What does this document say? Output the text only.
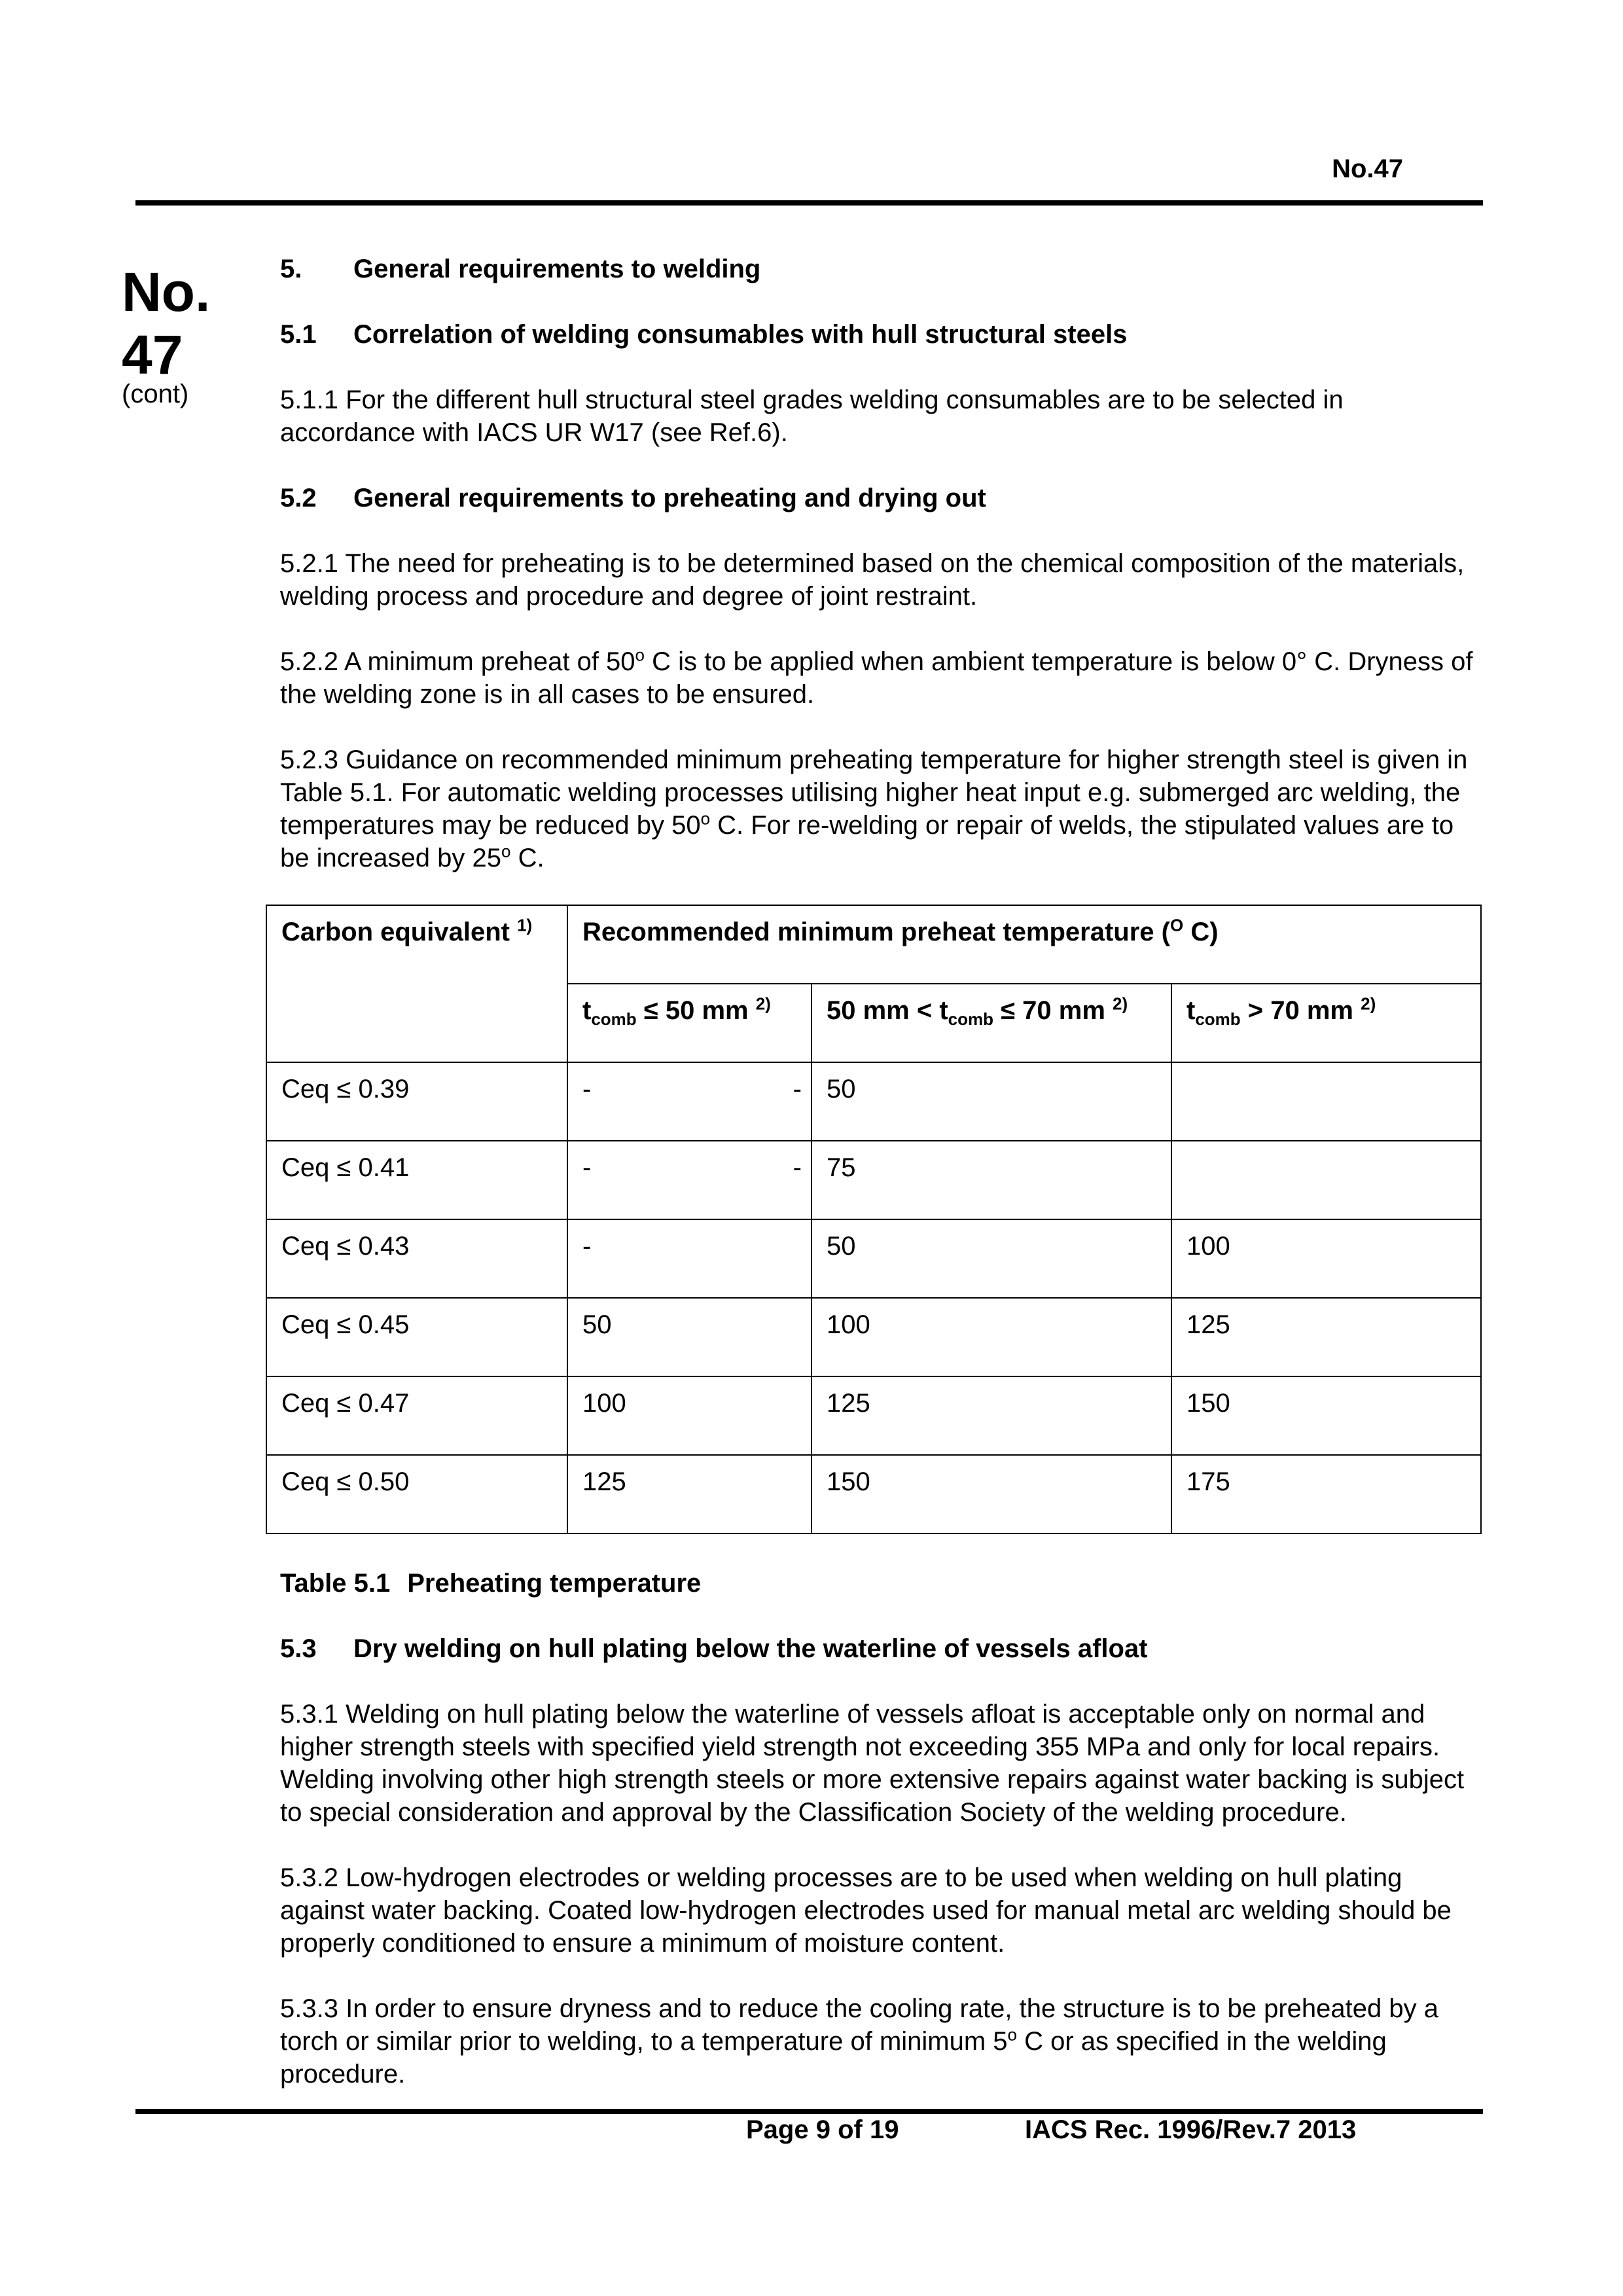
No.47
No.
47
(cont)
5.	General requirements to welding
5.1	Correlation of welding consumables with hull structural steels

5.1.1 For the different hull structural steel grades welding consumables are to be selected in accordance with IACS UR W17 (see Ref.6).

5.2	General requirements to preheating and drying out

5.2.1 The need for preheating is to be determined based on the chemical composition of the materials, welding process and procedure and degree of joint restraint.

5.2.2 A minimum preheat of 50$^o$ C is to be applied when ambient temperature is below 0° C. Dryness of the welding zone is in all cases to be ensured.

5.2.3 Guidance on recommended minimum preheating temperature for higher strength steel is given in Table 5.1. For automatic welding processes utilising higher heat input e.g. submerged arc welding, the temperatures may be reduced by 50$^o$ C. For re-welding or repair of welds, the stipulated values are to be increased by 25$^o$ C.

Carbon equivalent $^{1)}$	Recommended minimum preheat temperature ($^O$ C)		
	$t_{comb} \le 50$ mm $^{2)}$	50 mm < $t_{comb} \le 70$ mm $^{2)}$	$t_{comb} > 70$ mm $^{2)}$
Ceq ≤ 0.39	- -	50	
Ceq ≤ 0.41	- -	75	
Ceq ≤ 0.43	-	50	100
Ceq ≤ 0.45	50	100	125
Ceq ≤ 0.47	100	125	150
Ceq ≤ 0.50	125	150	175
Table 5.1 Preheating temperature
5.3	Dry welding on hull plating below the waterline of vessels afloat

5.3.1 Welding on hull plating below the waterline of vessels afloat is acceptable only on normal and higher strength steels with specified yield strength not exceeding 355 MPa and only for local repairs. Welding involving other high strength steels or more extensive repairs against water backing is subject to special consideration and approval by the Classification Society of the welding procedure.

5.3.2 Low-hydrogen electrodes or welding processes are to be used when welding on hull plating against water backing. Coated low-hydrogen electrodes used for manual metal arc welding should be properly conditioned to ensure a minimum of moisture content.

5.3.3 In order to ensure dryness and to reduce the cooling rate, the structure is to be preheated by a torch or similar prior to welding, to a temperature of minimum 5$^o$ C or as specified in the welding procedure.

Page 9 of 19	IACS Rec. 1996/Rev.7 2013
